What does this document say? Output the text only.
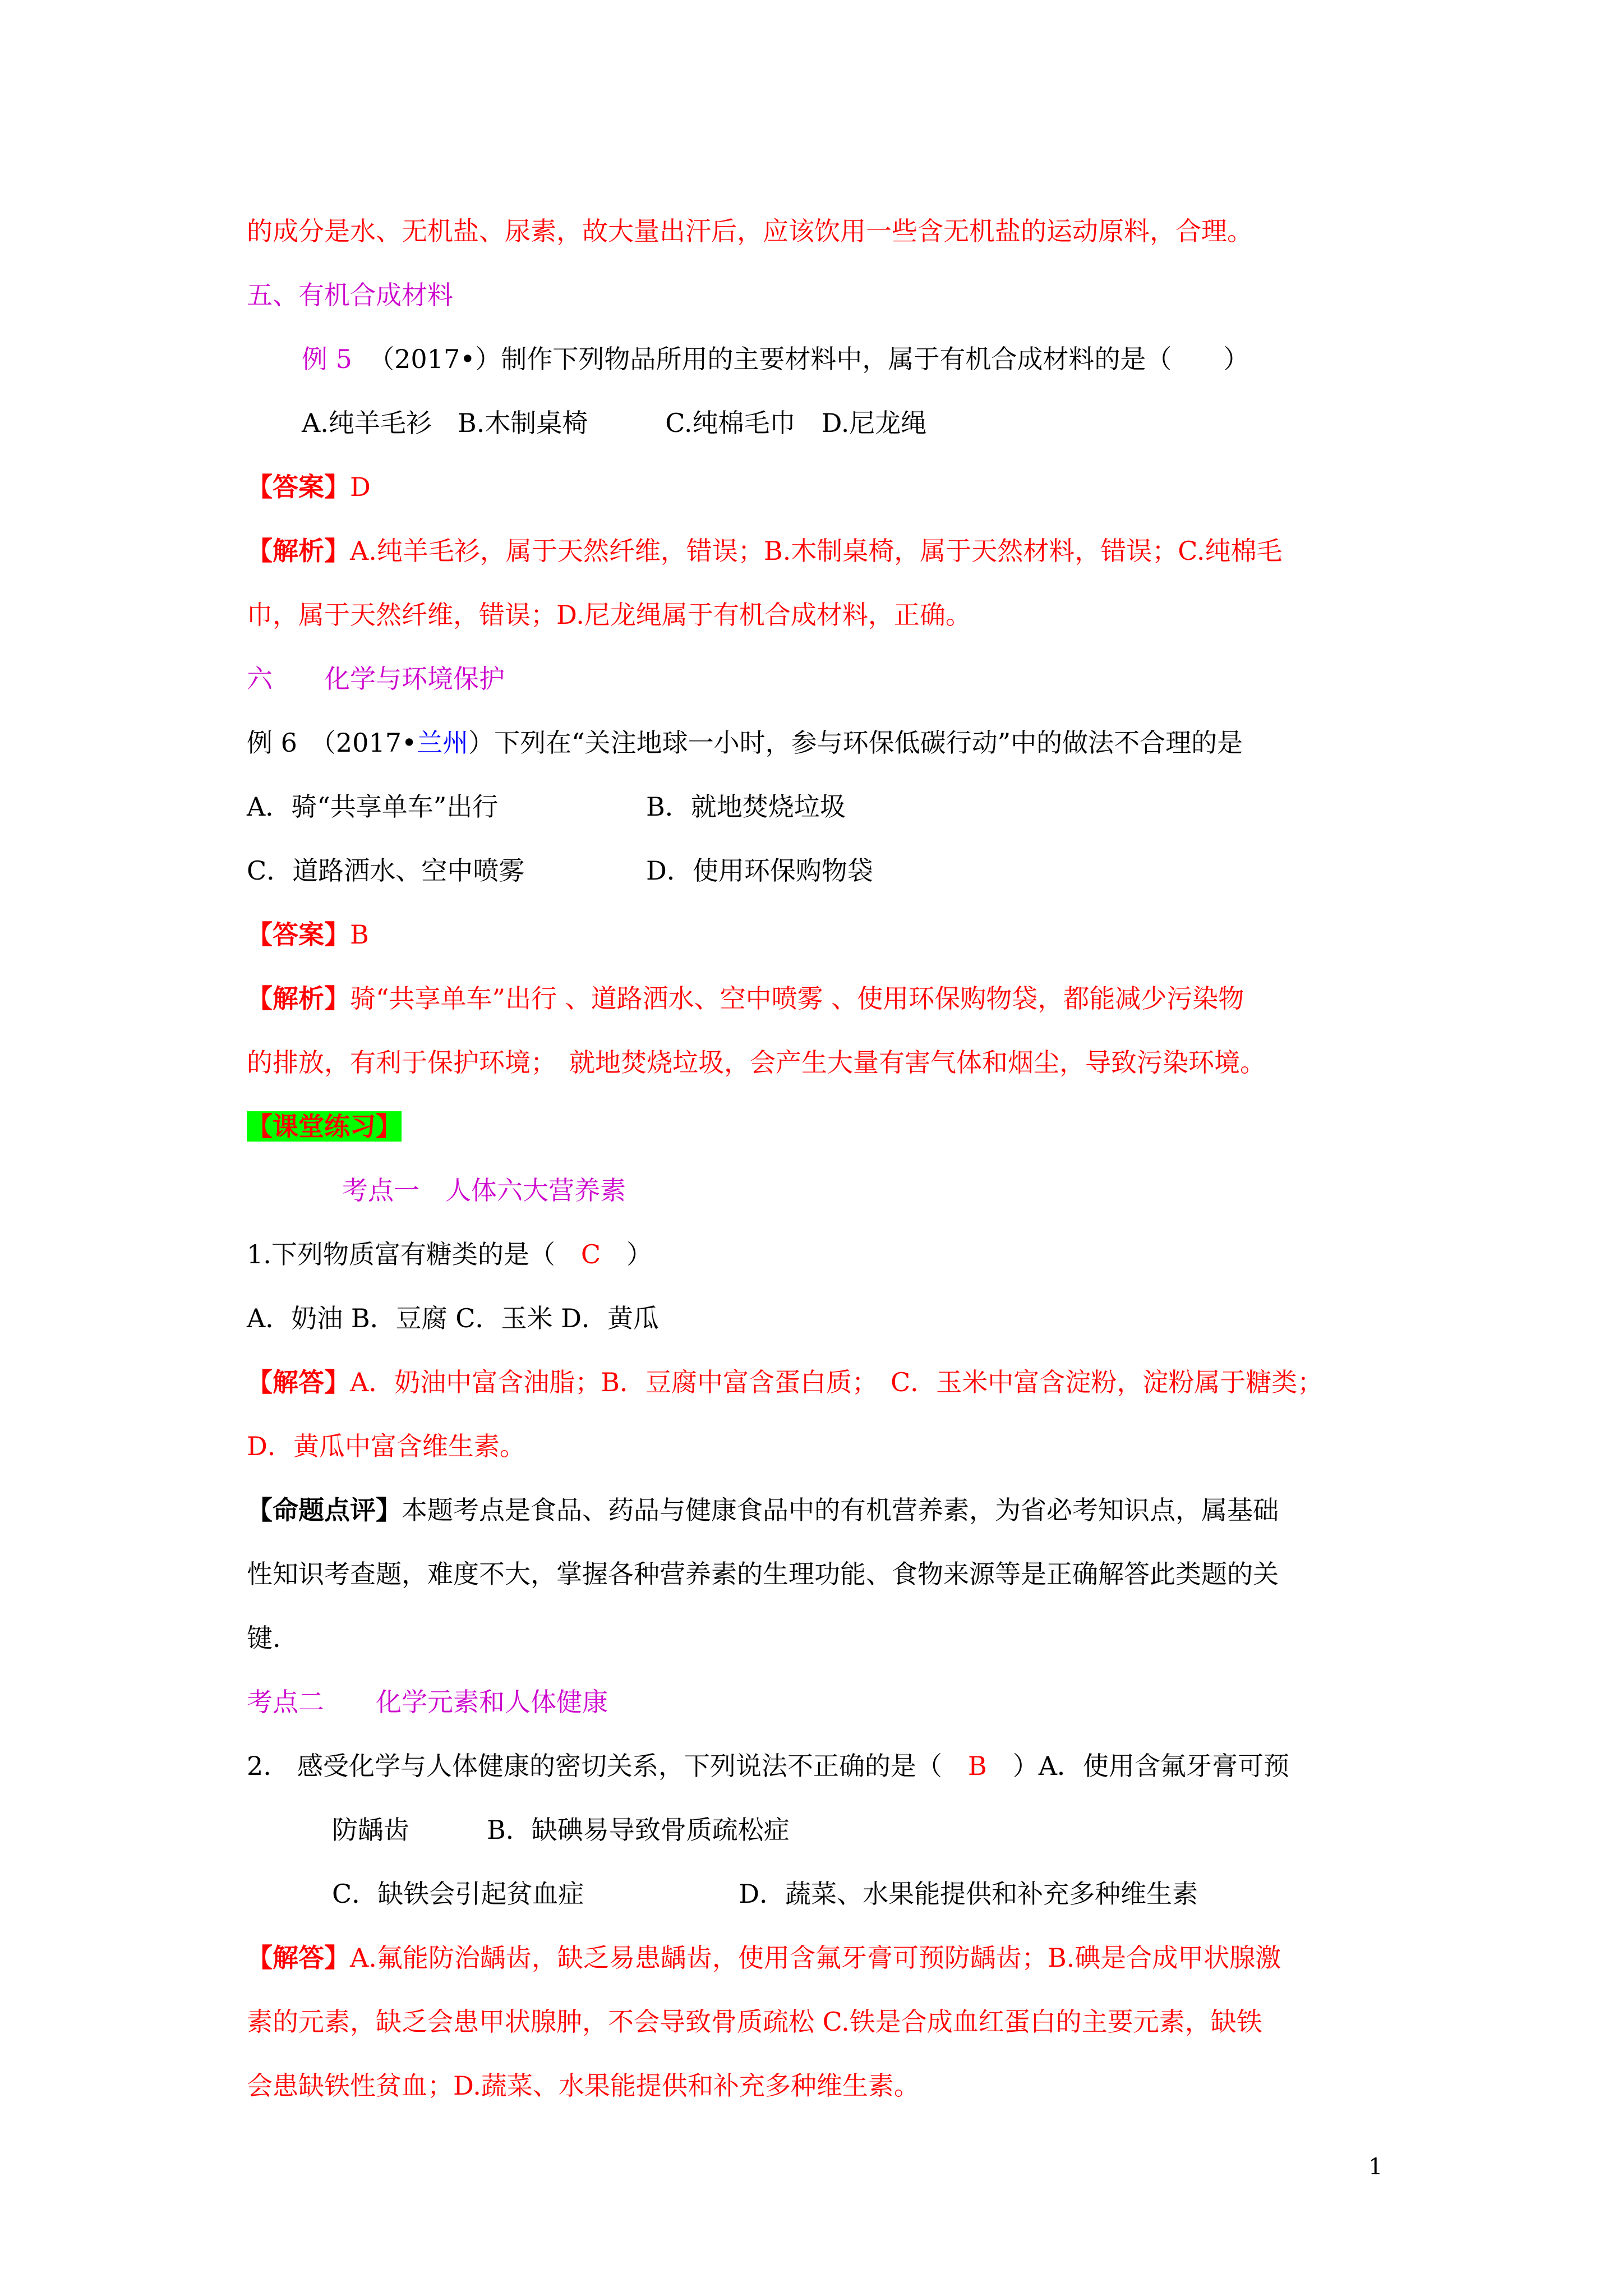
的成分是水、无机盐、尿素，故大量出汗后，应该饮用一些含无机盐的运动原料，合理。
五、有机合成材料
例 5 （2017•）制作下列物品所用的主要材料中，属于有机合成材料的是（　　）
A.纯羊毛衫　B.木制桌椅　　　C.纯棉毛巾　D.尼龙绳
【答案】D
【解析】A.纯羊毛衫，属于天然纤维，错误；B.木制桌椅，属于天然材料，错误；C.纯棉毛
巾，属于天然纤维，错误；D.尼龙绳属于有机合成材料，正确。
六　　化学与环境保护
例 6　（2017•兰州）下列在“关注地球一小时，参与环保低碳行动”中的做法不合理的是
A．骑“共享单车”出行	B．就地焚烧垃圾
C．道路洒水、空中喷雾	D．使用环保购物袋
【答案】B
【解析】骑“共享单车”出行 、道路洒水、空中喷雾 、使用环保购物袋，都能减少污染物
的排放，有利于保护环境；　就地焚烧垃圾，会产生大量有害气体和烟尘，导致污染环境。
【课堂练习】
考点一　人体六大营养素
1.下列物质富有糖类的是（　C　）
A．奶油 B．豆腐 C．玉米 D．黄瓜
【解答】A．奶油中富含油脂；B．豆腐中富含蛋白质；　C．玉米中富含淀粉，淀粉属于糖类；
D．黄瓜中富含维生素。
【命题点评】本题考点是食品、药品与健康食品中的有机营养素，为省必考知识点，属基础
性知识考查题，难度不大，掌握各种营养素的生理功能、食物来源等是正确解答此类题的关
键.
考点二　　化学元素和人体健康
2.　感受化学与人体健康的密切关系，下列说法不正确的是（　B　）A．使用含氟牙膏可预
防龋齿　　　B．缺碘易导致骨质疏松症
C．缺铁会引起贫血症　　　　　　D．蔬菜、水果能提供和补充多种维生素
【解答】A.氟能防治龋齿，缺乏易患龋齿，使用含氟牙膏可预防龋齿；B.碘是合成甲状腺激
素的元素，缺乏会患甲状腺肿，不会导致骨质疏松 C.铁是合成血红蛋白的主要元素，缺铁
会患缺铁性贫血；D.蔬菜、水果能提供和补充多种维生素。
1
